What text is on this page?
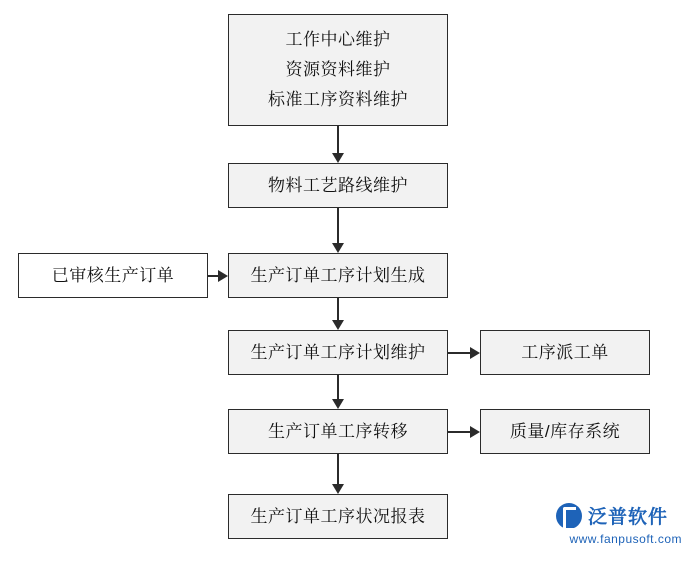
工作中心维护
资源资料维护
标准工序资料维护
物料工艺路线维护
已审核生产订单	生产订单工序计划生成
生产订单工序计划维护	工序派工单
生产订单工序转移	质量/库存系统
生产订单工序状况报表	泛普软件
www.fanpusoft.com
